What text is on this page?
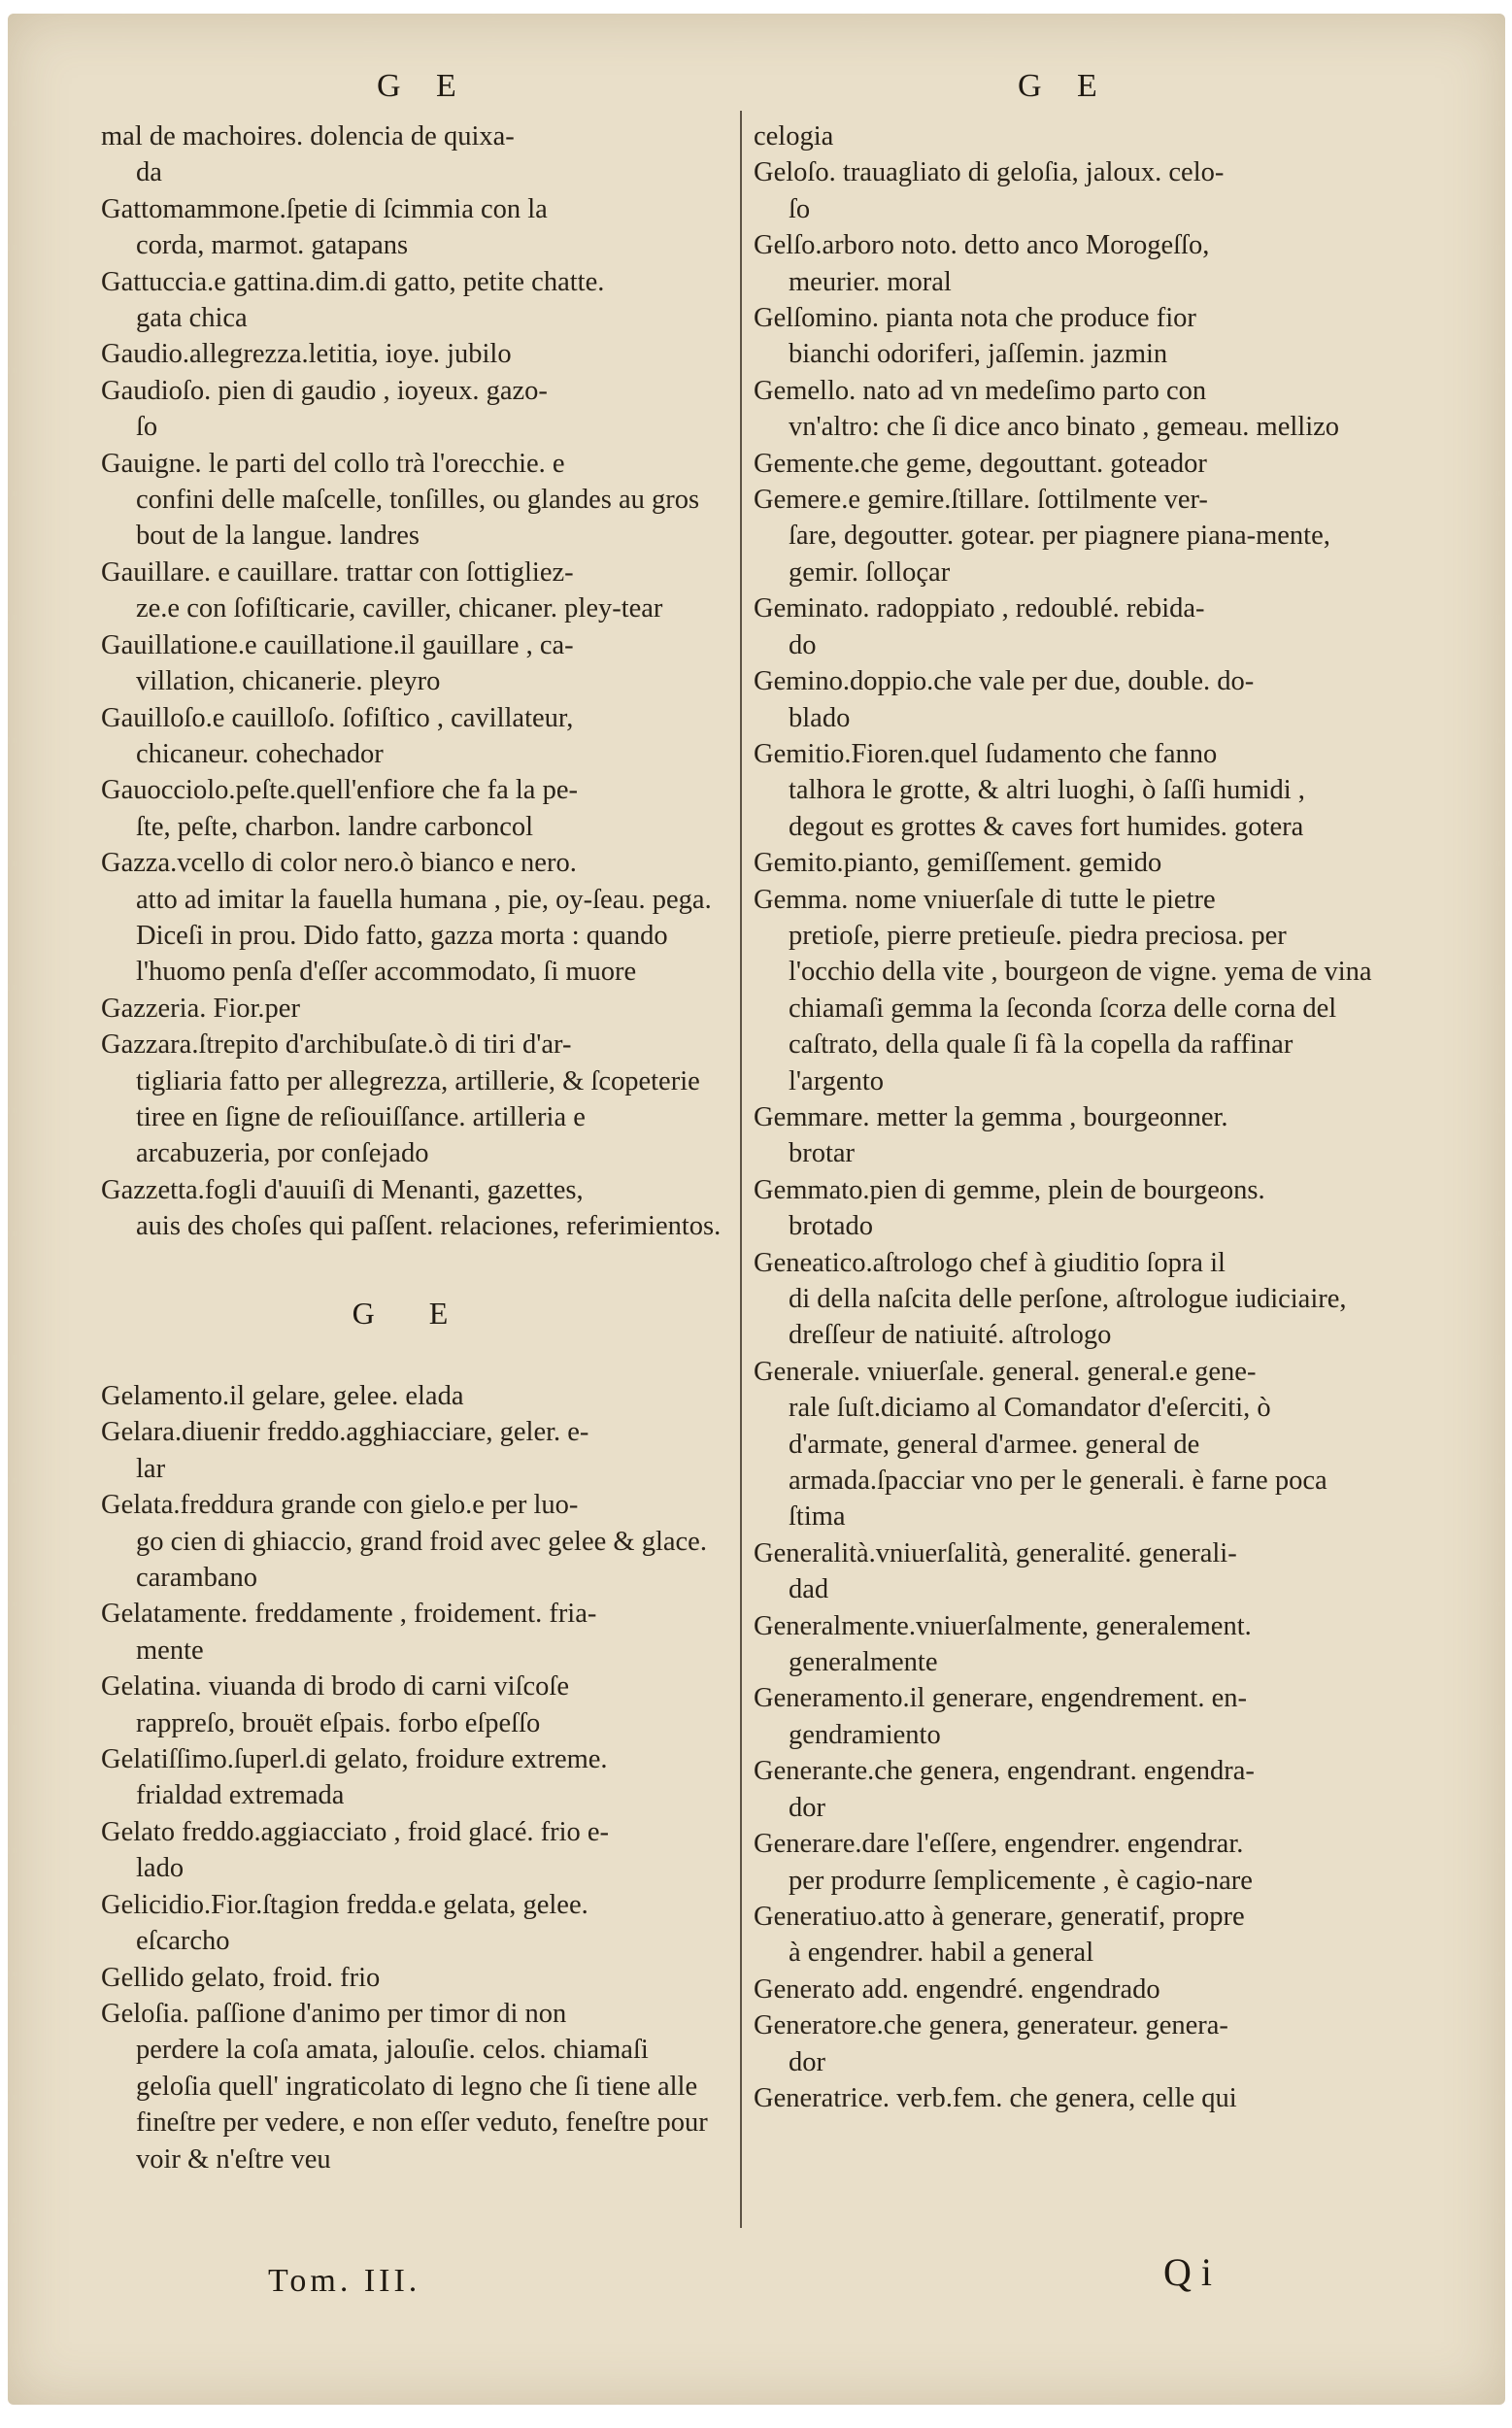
G E	G E

mal de machoires. dolencia de quixa-
da

Gattomammone.ſpetie di ſcimmia con la
corda, marmot. gatapans

Gattuccia.e gattina.dim.di gatto, petite chatte.
gata chica

Gaudio.allegrezza.letitia, ioye. jubilo

Gaudioſo. pien di gaudio , ioyeux. gazo-
ſo

Gauigne. le parti del collo trà l'orecchie. e
confini delle maſcelle, tonſilles, ou glandes au gros bout de la langue. landres

Gauillare. e cauillare. trattar con ſottigliez-
ze.e con ſofiſticarie, caviller, chicaner. pley-tear

Gauillatione.e cauillatione.il gauillare , ca-
villation, chicanerie. pleyro

Gauilloſo.e cauilloſo. ſofiſtico , cavillateur,
chicaneur. cohechador

Gauocciolo.peſte.quell'enfiore che fa la pe-
ſte, peſte, charbon. landre carboncol

Gazza.vcello di color nero.ò bianco e nero.
atto ad imitar la fauella humana , pie, oy-ſeau. pega. Diceſi in prou. Dido fatto, gazza morta : quando l'huomo penſa d'eſſer accommodato, ſi muore

Gazzeria. Fior.per

Gazzara.ſtrepito d'archibuſate.ò di tiri d'ar-
tigliaria fatto per allegrezza, artillerie, & ſcopeterie tiree en ſigne de reſiouiſſance. artilleria e arcabuzeria, por conſejado

Gazzetta.fogli d'auuiſi di Menanti, gazettes,
auis des choſes qui paſſent. relaciones, referimientos.

G E

Gelamento.il gelare, gelee. elada

Gelara.diuenir freddo.agghiacciare, geler. e-
lar

Gelata.freddura grande con gielo.e per luo-
go cien di ghiaccio, grand froid avec gelee & glace. carambano

Gelatamente. freddamente , froidement. fria-
mente

Gelatina. viuanda di brodo di carni viſcoſe
rappreſo, brouët eſpais. forbo eſpeſſo

Gelatiſſimo.ſuperl.di gelato, froidure extreme.
frialdad extremada

Gelato freddo.aggiacciato , froid glacé. frio e-
lado

Gelicidio.Fior.ſtagion fredda.e gelata, gelee.
eſcarcho

Gellido gelato, froid. frio

Geloſia. paſſione d'animo per timor di non
perdere la coſa amata, jalouſie. celos. chiamaſi geloſia quell' ingraticolato di legno che ſi tiene alle fineſtre per vedere, e non eſſer veduto, feneſtre pour voir & n'eſtre veu

celogia

Geloſo. trauagliato di geloſia, jaloux. celo-
ſo

Gelſo.arboro noto. detto anco Morogeſſo,
meurier. moral

Gelſomino. pianta nota che produce fior
bianchi odoriferi, jaſſemin. jazmin

Gemello. nato ad vn medeſimo parto con
vn'altro: che ſi dice anco binato , gemeau. mellizo

Gemente.che geme, degouttant. goteador

Gemere.e gemire.ſtillare. ſottilmente ver-
ſare, degoutter. gotear. per piagnere piana-mente, gemir. ſolloçar

Geminato. radoppiato , redoublé. rebida-
do

Gemino.doppio.che vale per due, double. do-
blado

Gemitio.Fioren.quel ſudamento che fanno
talhora le grotte, & altri luoghi, ò ſaſſi humidi , degout es grottes & caves fort humides. gotera

Gemito.pianto, gemiſſement. gemido

Gemma. nome vniuerſale di tutte le pietre
pretioſe, pierre pretieuſe. piedra preciosa. per l'occhio della vite , bourgeon de vigne. yema de vina chiamaſi gemma la ſeconda ſcorza delle corna del caſtrato, della quale ſi fà la copella da raffinar l'argento

Gemmare. metter la gemma , bourgeonner.
brotar

Gemmato.pien di gemme, plein de bourgeons.
brotado

Geneatico.aſtrologo chef à giuditio ſopra il
di della naſcita delle perſone, aſtrologue iudiciaire, dreſſeur de natiuité. aſtrologo

Generale. vniuerſale. general. general.e gene-
rale ſuſt.diciamo al Comandator d'eſerciti, ò d'armate, general d'armee. general de armada.ſpacciar vno per le generali. è farne poca ſtima

Generalità.vniuerſalità, generalité. generali-
dad

Generalmente.vniuerſalmente, generalement.
generalmente

Generamento.il generare, engendrement. en-
gendramiento

Generante.che genera, engendrant. engendra-
dor

Generare.dare l'eſſere, engendrer. engendrar.
per produrre ſemplicemente , è cagio-nare

Generatiuo.atto à generare, generatif, propre
à engendrer. habil a general

Generato add. engendré. engendrado

Generatore.che genera, generateur. genera-
dor

Generatrice. verb.fem. che genera, celle qui

Tom. III.	Q i
